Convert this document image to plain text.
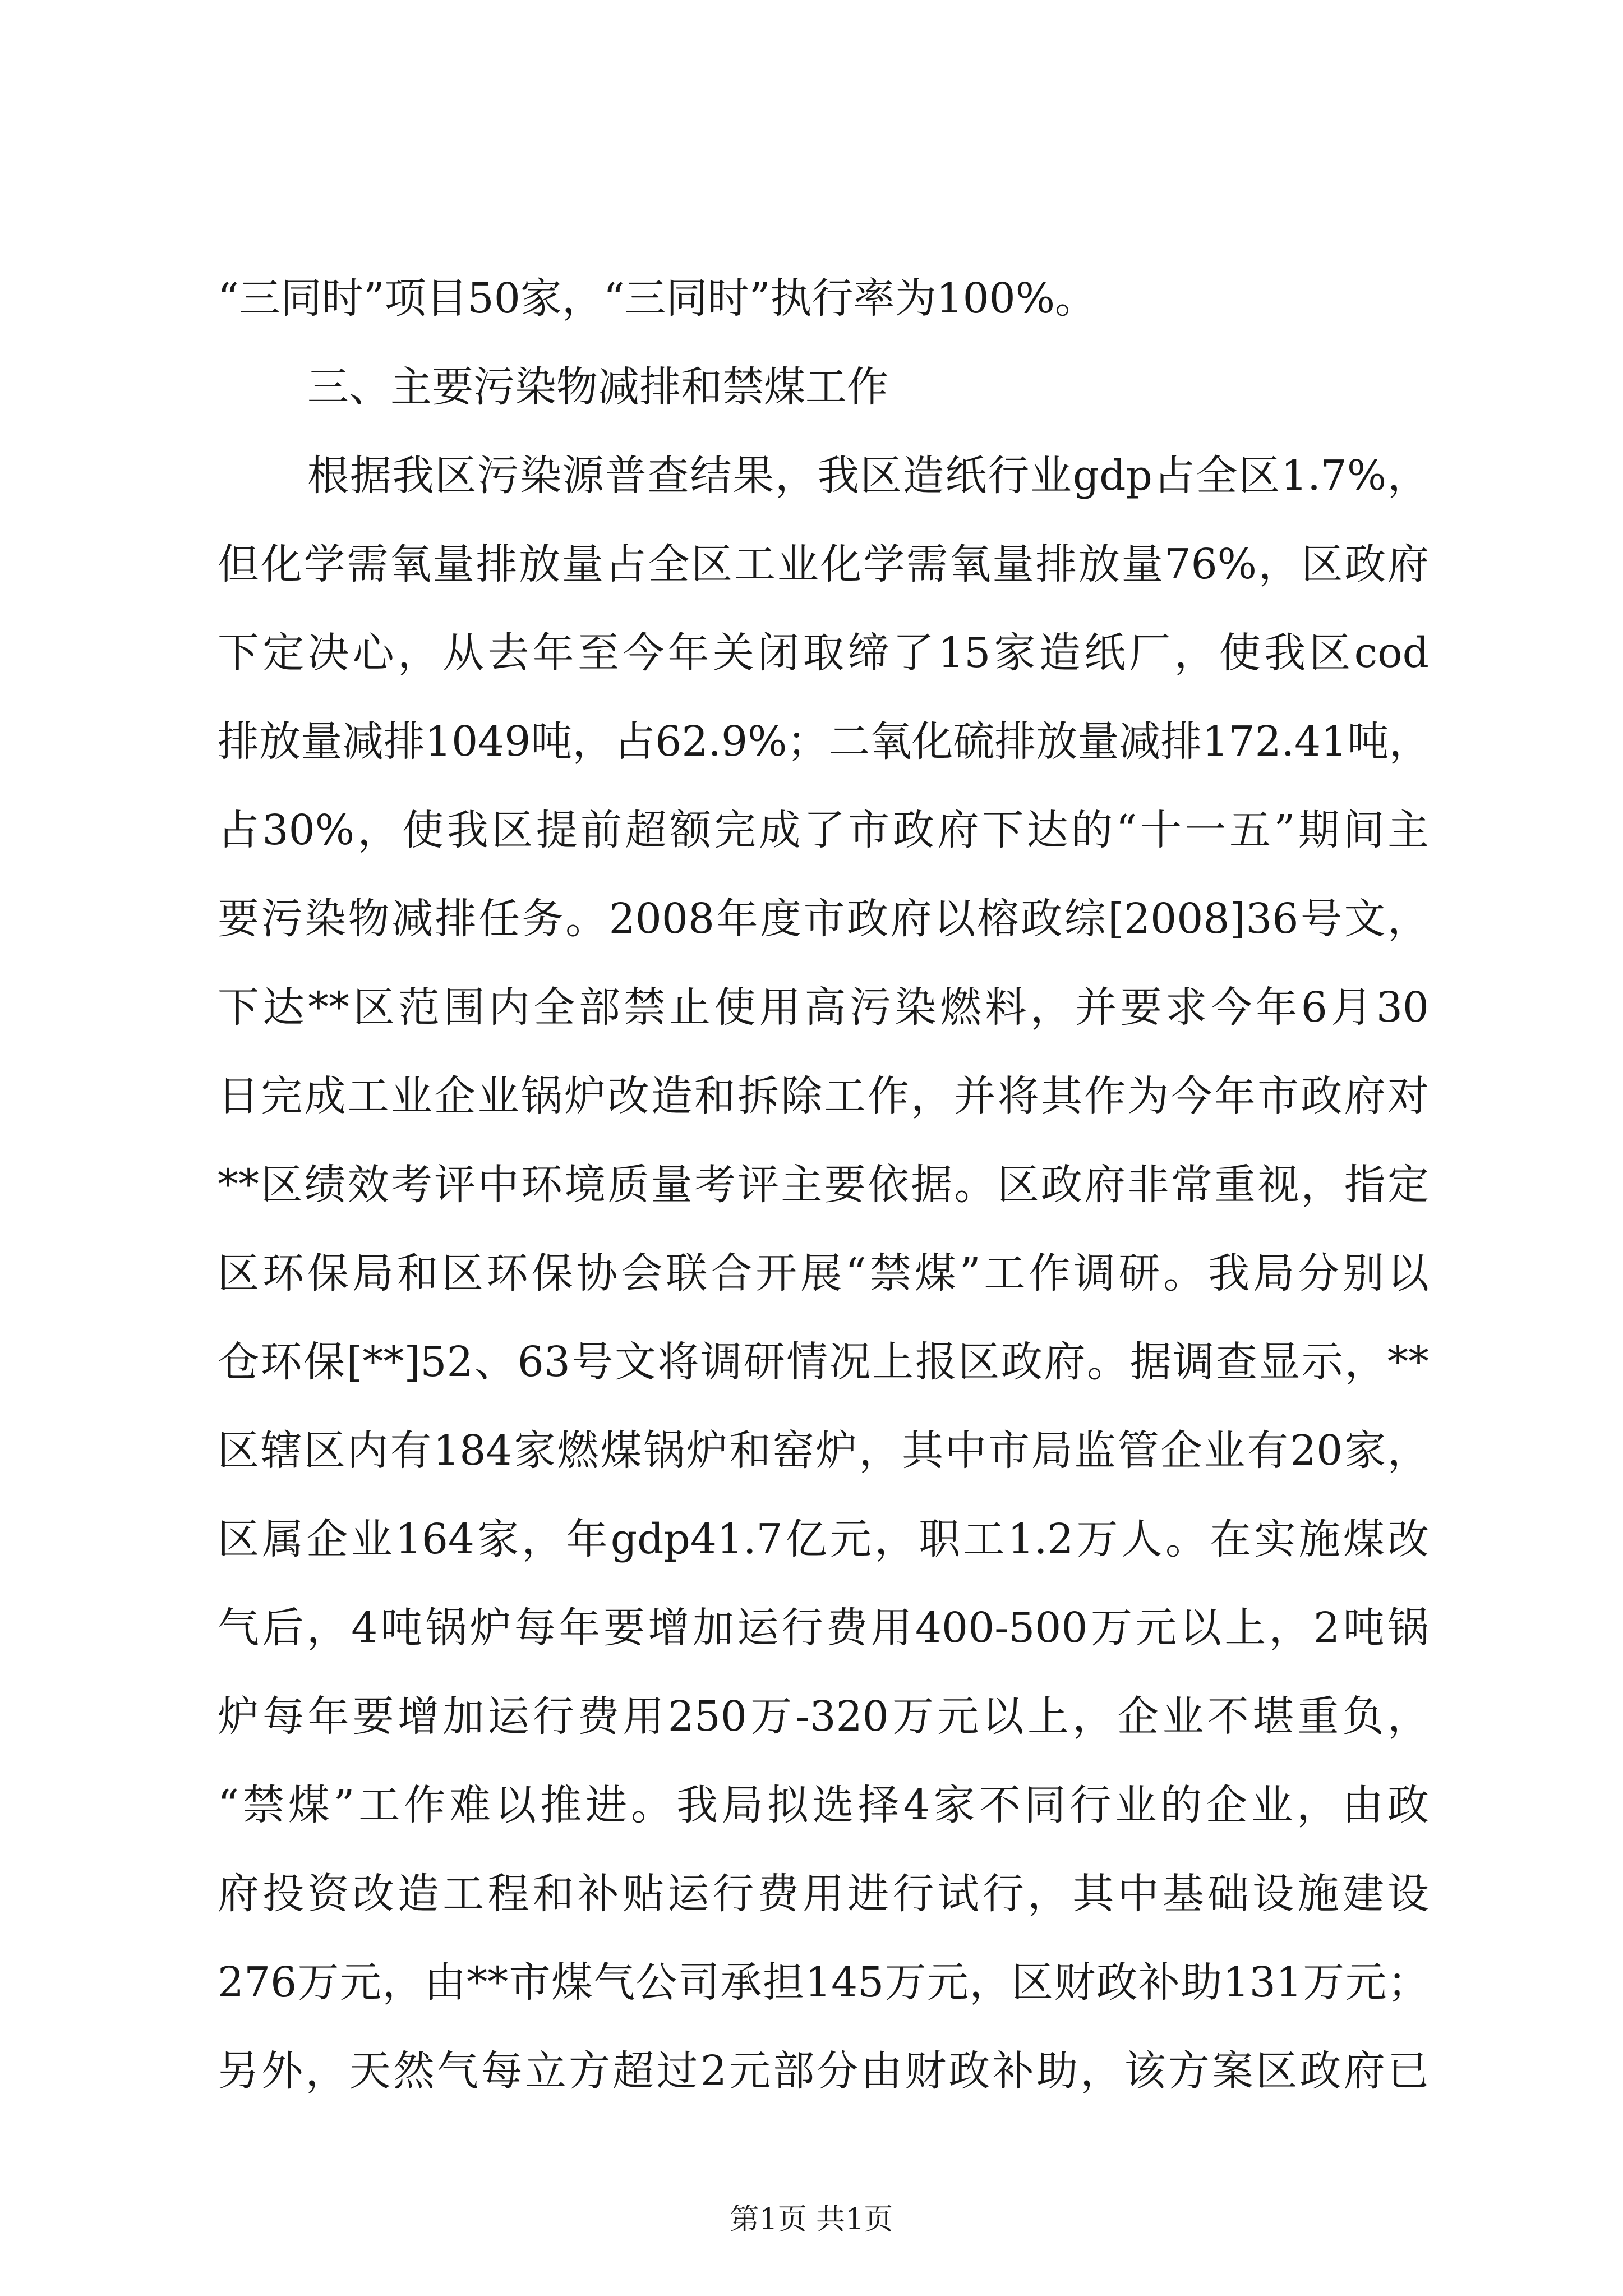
“三同时”项目50家，“三同时”执行率为100%。
三、主要污染物减排和禁煤工作
根据我区污染源普查结果，我区造纸行业gdp占全区1.7%，
但化学需氧量排放量占全区工业化学需氧量排放量76%，区政府
下定决心，从去年至今年关闭取缔了15家造纸厂，使我区cod
排放量减排1049吨，占62.9%；二氧化硫排放量减排172.41吨，
占30%，使我区提前超额完成了市政府下达的“十一五”期间主
要污染物减排任务。2008年度市政府以榕政综[2008]36号文，
下达**区范围内全部禁止使用高污染燃料，并要求今年6月30
日完成工业企业锅炉改造和拆除工作，并将其作为今年市政府对
**区绩效考评中环境质量考评主要依据。区政府非常重视，指定
区环保局和区环保协会联合开展“禁煤”工作调研。我局分别以
仓环保[**]52、63号文将调研情况上报区政府。据调查显示，**
区辖区内有184家燃煤锅炉和窑炉，其中市局监管企业有20家，
区属企业164家，年gdp41.7亿元，职工1.2万人。在实施煤改
气后，4吨锅炉每年要增加运行费用400-500万元以上，2吨锅
炉每年要增加运行费用250万-320万元以上，企业不堪重负，
“禁煤”工作难以推进。我局拟选择4家不同行业的企业，由政
府投资改造工程和补贴运行费用进行试行，其中基础设施建设
276万元，由**市煤气公司承担145万元，区财政补助131万元；
另外，天然气每立方超过2元部分由财政补助，该方案区政府已
第1页 共1页
